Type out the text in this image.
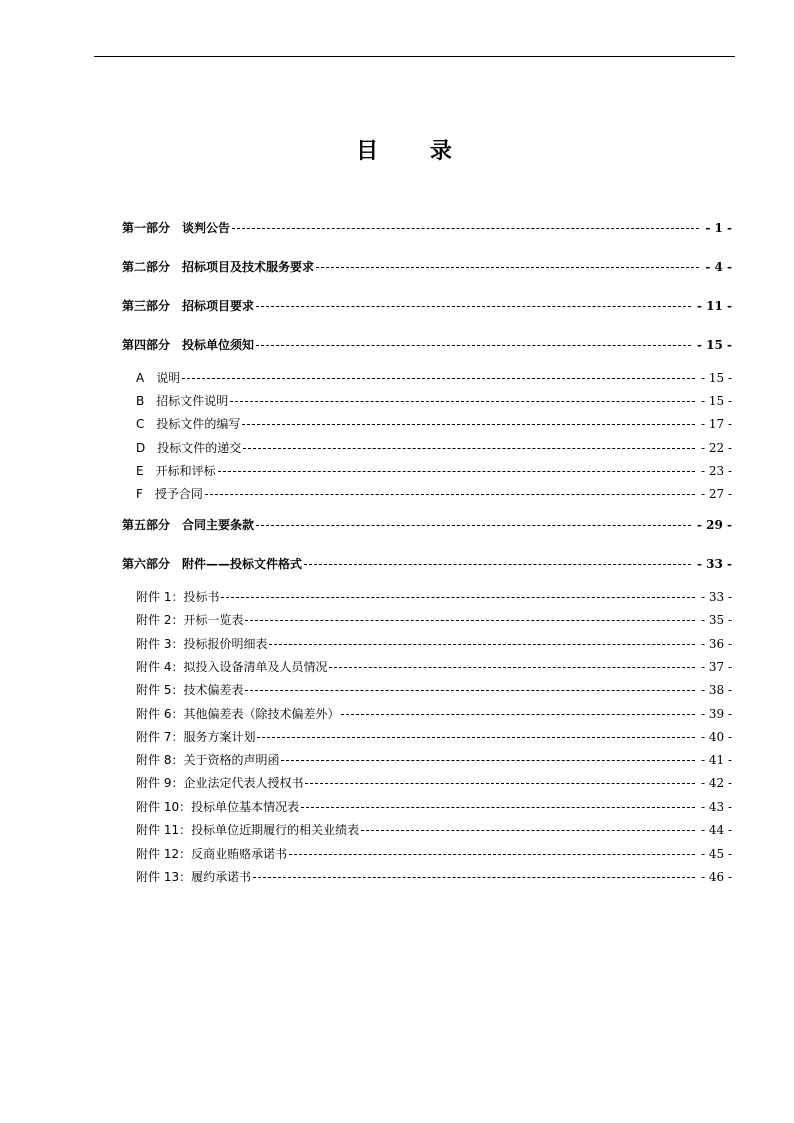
目 录
第一部分　谈判公告	- 1 -
第二部分　招标项目及技术服务要求	- 4 -
第三部分　招标项目要求	- 11 -
第四部分　投标单位须知	- 15 -
A　说明	- 15 -
B　招标文件说明	- 15 -
C　投标文件的编写	- 17 -
D　投标文件的递交	- 22 -
E　开标和评标	- 23 -
F　授予合同	- 27 -
第五部分　合同主要条款	- 29 -
第六部分　附件——投标文件格式	- 33 -
附件 1：投标书	- 33 -
附件 2：开标一览表	- 35 -
附件 3：投标报价明细表	- 36 -
附件 4：拟投入设备清单及人员情况	- 37 -
附件 5：技术偏差表	- 38 -
附件 6：其他偏差表（除技术偏差外）	- 39 -
附件 7：服务方案计划	- 40 -
附件 8：关于资格的声明函	- 41 -
附件 9：企业法定代表人授权书	- 42 -
附件 10：投标单位基本情况表	- 43 -
附件 11：投标单位近期履行的相关业绩表	- 44 -
附件 12：反商业贿赂承诺书	- 45 -
附件 13：履约承诺书	- 46 -
